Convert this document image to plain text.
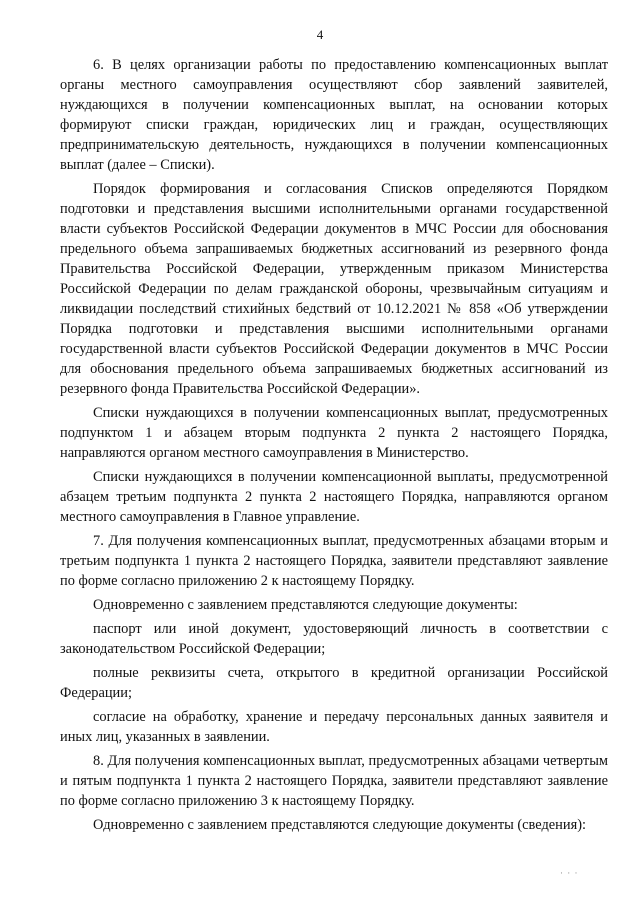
4

6. В целях организации работы по предоставлению компенсационных выплат органы местного самоуправления осуществляют сбор заявлений заявителей, нуждающихся в получении компенсационных выплат, на основании которых формируют списки граждан, юридических лиц и граждан, осуществляющих предпринимательскую деятельность, нуждающихся в получении компенсационных выплат (далее – Списки).

Порядок формирования и согласования Списков определяются Порядком подготовки и представления высшими исполнительными органами государственной власти субъектов Российской Федерации документов в МЧС России для обоснования предельного объема запрашиваемых бюджетных ассигнований из резервного фонда Правительства Российской Федерации, утвержденным приказом Министерства Российской Федерации по делам гражданской обороны, чрезвычайным ситуациям и ликвидации последствий стихийных бедствий от 10.12.2021 № 858 «Об утверждении Порядка подготовки и представления высшими исполнительными органами государственной власти субъектов Российской Федерации документов в МЧС России для обоснования предельного объема запрашиваемых бюджетных ассигнований из резервного фонда Правительства Российской Федерации».

Списки нуждающихся в получении компенсационных выплат, предусмотренных подпунктом 1 и абзацем вторым подпункта 2 пункта 2 настоящего Порядка, направляются органом местного самоуправления в Министерство.

Списки нуждающихся в получении компенсационной выплаты, предусмотренной абзацем третьим подпункта 2 пункта 2 настоящего Порядка, направляются органом местного самоуправления в Главное управление.

7. Для получения компенсационных выплат, предусмотренных абзацами вторым и третьим подпункта 1 пункта 2 настоящего Порядка, заявители представляют заявление по форме согласно приложению 2 к настоящему Порядку.

Одновременно с заявлением представляются следующие документы:

паспорт или иной документ, удостоверяющий личность в соответствии с законодательством Российской Федерации;

полные реквизиты счета, открытого в кредитной организации Российской Федерации;

согласие на обработку, хранение и передачу персональных данных заявителя и иных лиц, указанных в заявлении.

8. Для получения компенсационных выплат, предусмотренных абзацами четвертым и пятым подпункта 1 пункта 2 настоящего Порядка, заявители представляют заявление по форме согласно приложению 3 к настоящему Порядку.

Одновременно с заявлением представляются следующие документы (сведения):

· · ·
